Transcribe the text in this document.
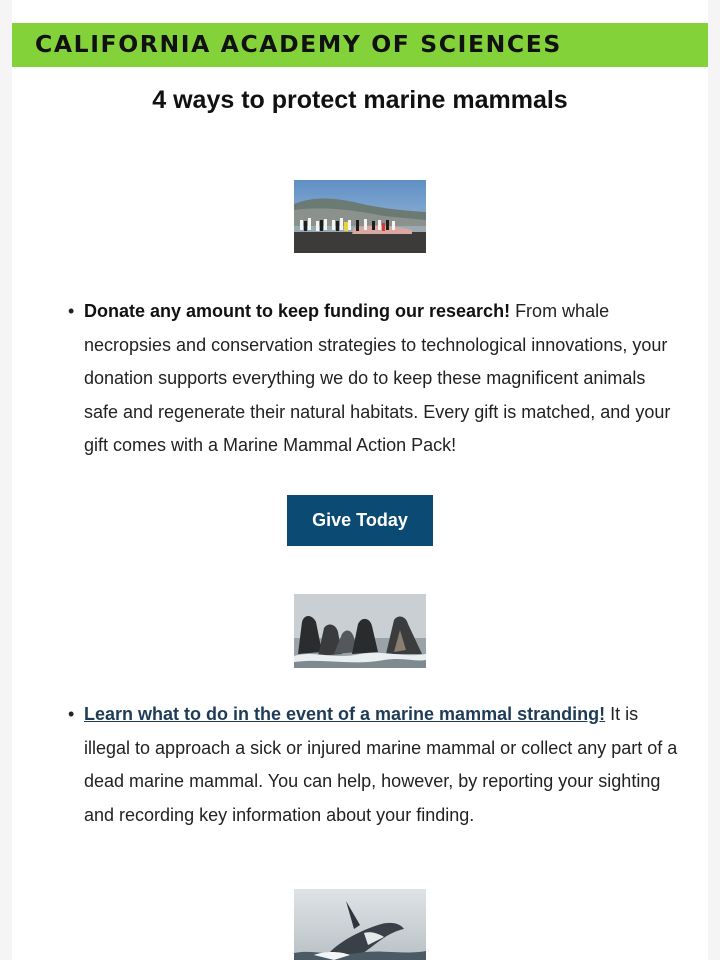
CALIFORNIA ACADEMY OF SCIENCES
4 ways to protect marine mammals
• Donate any amount to keep funding our research! From whale necropsies and conservation strategies to technological innovations, your donation supports everything we do to keep these magnificent animals safe and regenerate their natural habitats. Every gift is matched, and your gift comes with a Marine Mammal Action Pack!
Give Today
• Learn what to do in the event of a marine mammal stranding! It is illegal to approach a sick or injured marine mammal or collect any part of a dead marine mammal. You can help, however, by reporting your sighting and recording key information about your finding.
